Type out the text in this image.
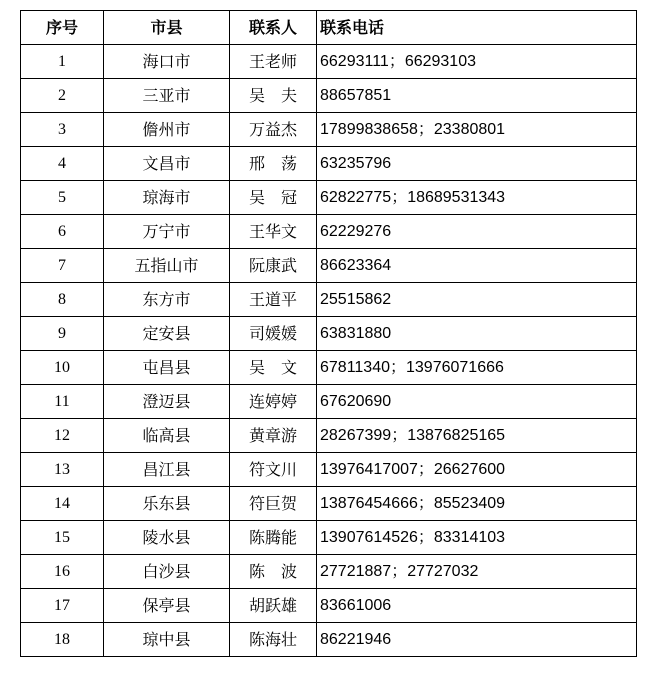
序号	市县	联系人	联系电话
1	海口市	王老师	66293111；66293103
2	三亚市	吴　夫	88657851
3	儋州市	万益杰	17899838658；23380801
4	文昌市	邢　荡	63235796
5	琼海市	吴　冠	62822775；18689531343
6	万宁市	王华文	62229276
7	五指山市	阮康武	86623364
8	东方市	王道平	25515862
9	定安县	司媛媛	63831880
10	屯昌县	吴　文	67811340；13976071666
11	澄迈县	连婷婷	67620690
12	临高县	黄章游	28267399；13876825165
13	昌江县	符文川	13976417007；26627600
14	乐东县	符巨贺	13876454666；85523409
15	陵水县	陈腾能	13907614526；83314103
16	白沙县	陈　波	27721887；27727032
17	保亭县	胡跃雄	83661006
18	琼中县	陈海壮	86221946
